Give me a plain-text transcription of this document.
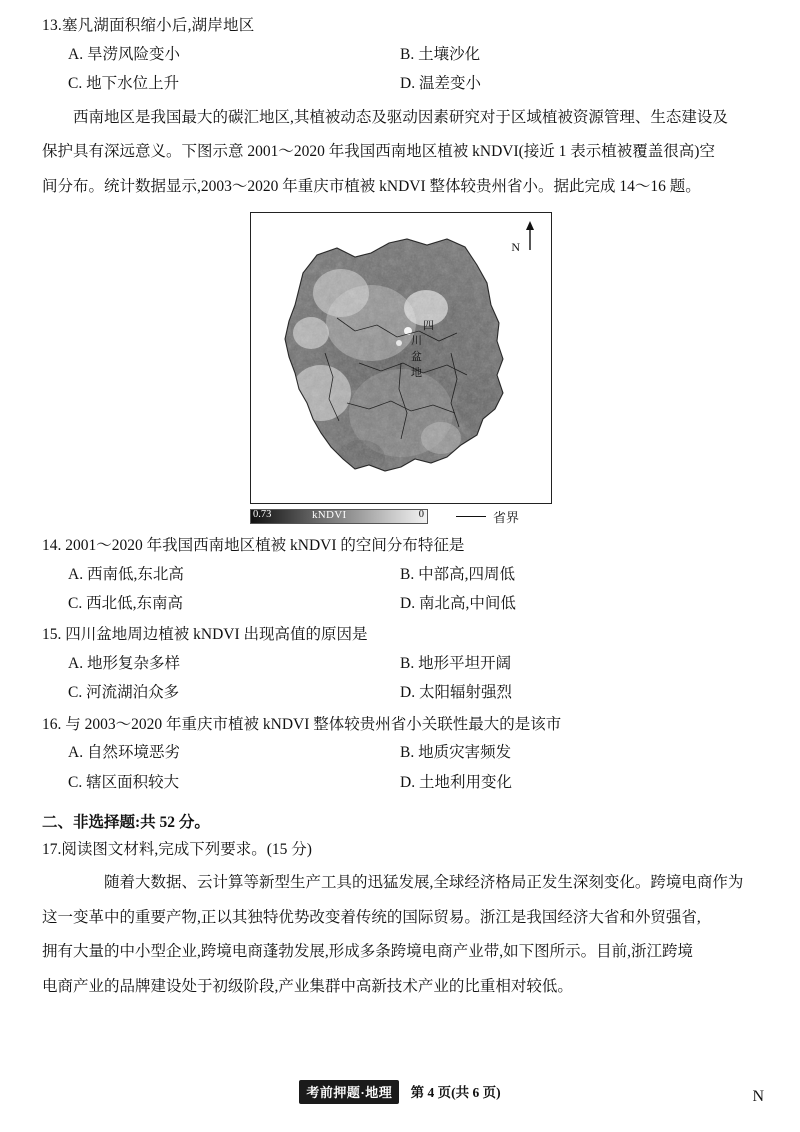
13.塞凡湖面积缩小后,湖岸地区
A. 旱涝风险变小	B. 土壤沙化
C. 地下水位上升	D. 温差变小
西南地区是我国最大的碳汇地区,其植被动态及驱动因素研究对于区域植被资源管理、生态建设及
保护具有深远意义。下图示意 2001～2020 年我国西南地区植被 kNDVI(接近 1 表示植被覆盖很高)空
间分布。统计数据显示,2003～2020 年重庆市植被 kNDVI 整体较贵州省小。据此完成 14～16 题。
四
川
盆
地
N
0.73	kNDVI	0	省界
14. 2001～2020 年我国西南地区植被 kNDVI 的空间分布特征是
A. 西南低,东北高	B. 中部高,四周低
C. 西北低,东南高	D. 南北高,中间低
15. 四川盆地周边植被 kNDVI 出现高值的原因是
A. 地形复杂多样	B. 地形平坦开阔
C. 河流湖泊众多	D. 太阳辐射强烈
16. 与 2003～2020 年重庆市植被 kNDVI 整体较贵州省小关联性最大的是该市
A. 自然环境恶劣	B. 地质灾害频发
C. 辖区面积较大	D. 土地利用变化
二、非选择题:共 52 分。
17.阅读图文材料,完成下列要求。(15 分)
随着大数据、云计算等新型生产工具的迅猛发展,全球经济格局正发生深刻变化。跨境电商作为
这一变革中的重要产物,正以其独特优势改变着传统的国际贸易。浙江是我国经济大省和外贸强省,
拥有大量的中小型企业,跨境电商蓬勃发展,形成多条跨境电商产业带,如下图所示。目前,浙江跨境
电商产业的品牌建设处于初级阶段,产业集群中高新技术产业的比重相对较低。
考前押题·地理 第 4 页(共 6 页)	N
